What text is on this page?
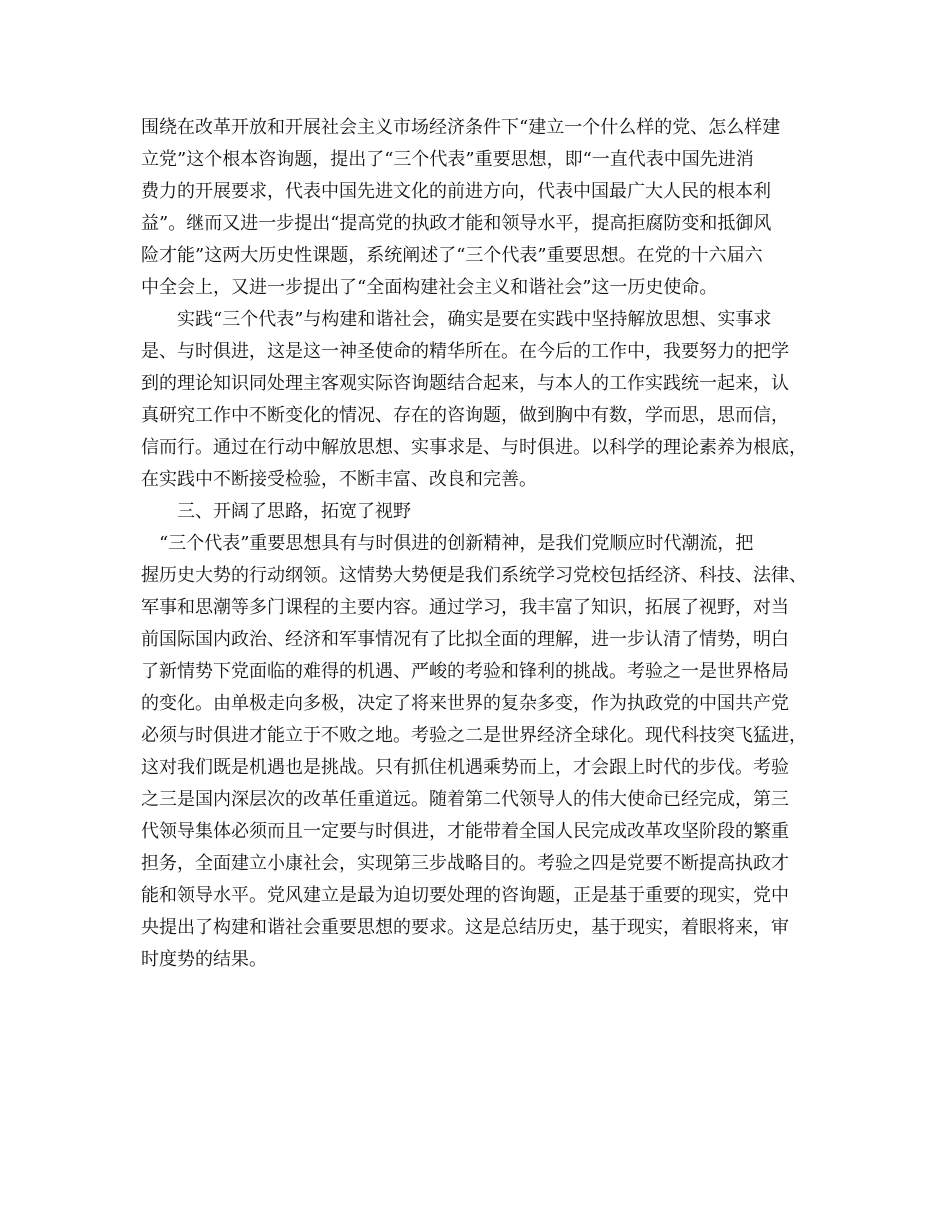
围绕在改革开放和开展社会主义市场经济条件下“建立一个什么样的党、怎么样建
立党”这个根本咨询题，提出了“三个代表”重要思想，即“一直代表中国先进消
费力的开展要求，代表中国先进文化的前进方向，代表中国最广大人民的根本利
益”。继而又进一步提出“提高党的执政才能和领导水平，提高拒腐防变和抵御风
险才能”这两大历史性课题，系统阐述了“三个代表”重要思想。在党的十六届六
中全会上，又进一步提出了“全面构建社会主义和谐社会”这一历史使命。
　　实践“三个代表”与构建和谐社会，确实是要在实践中坚持解放思想、实事求
是、与时俱进，这是这一神圣使命的精华所在。在今后的工作中，我要努力的把学
到的理论知识同处理主客观实际咨询题结合起来，与本人的工作实践统一起来，认
真研究工作中不断变化的情况、存在的咨询题，做到胸中有数，学而思，思而信，
信而行。通过在行动中解放思想、实事求是、与时俱进。以科学的理论素养为根底，
在实践中不断接受检验，不断丰富、改良和完善。
　　三、开阔了思路，拓宽了视野
　“三个代表”重要思想具有与时俱进的创新精神，是我们党顺应时代潮流，把
握历史大势的行动纲领。这情势大势便是我们系统学习党校包括经济、科技、法律、
军事和思潮等多门课程的主要内容。通过学习，我丰富了知识，拓展了视野，对当
前国际国内政治、经济和军事情况有了比拟全面的理解，进一步认清了情势，明白
了新情势下党面临的难得的机遇、严峻的考验和锋利的挑战。考验之一是世界格局
的变化。由单极走向多极，决定了将来世界的复杂多变，作为执政党的中国共产党
必须与时俱进才能立于不败之地。考验之二是世界经济全球化。现代科技突飞猛进，
这对我们既是机遇也是挑战。只有抓住机遇乘势而上，才会跟上时代的步伐。考验
之三是国内深层次的改革任重道远。随着第二代领导人的伟大使命已经完成，第三
代领导集体必须而且一定要与时俱进，才能带着全国人民完成改革攻坚阶段的繁重
担务，全面建立小康社会，实现第三步战略目的。考验之四是党要不断提高执政才
能和领导水平。党风建立是最为迫切要处理的咨询题，正是基于重要的现实，党中
央提出了构建和谐社会重要思想的要求。这是总结历史，基于现实，着眼将来，审
时度势的结果。
